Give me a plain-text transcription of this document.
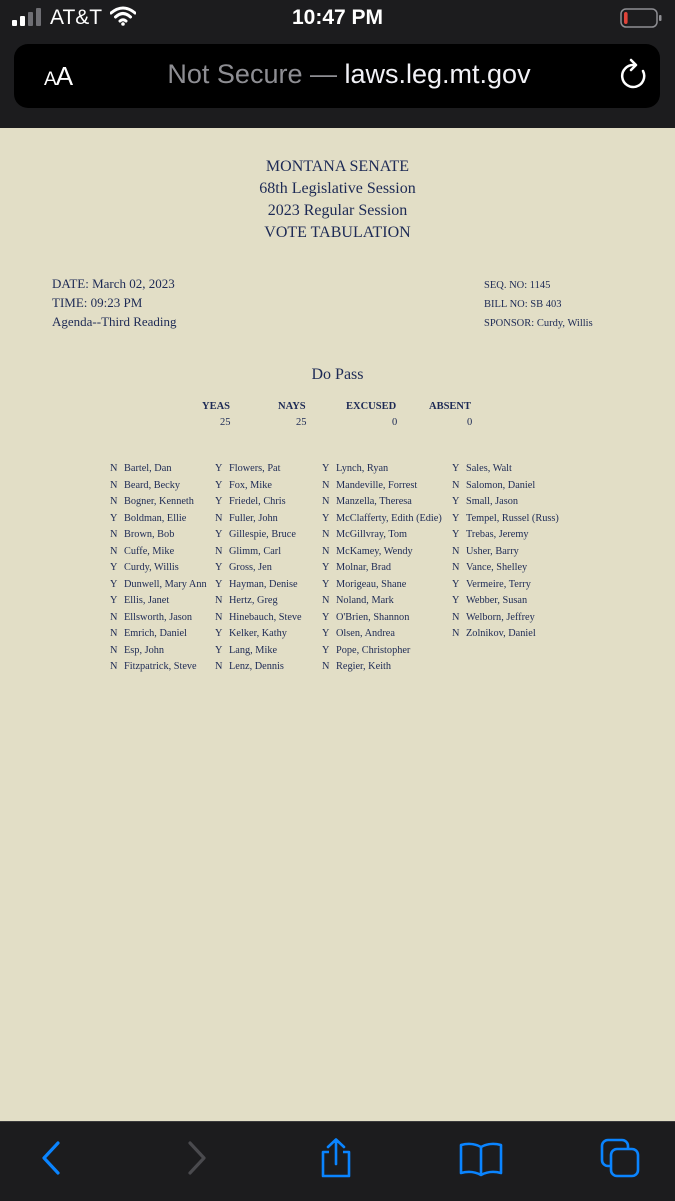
AT&T	10:47 PM
AA	Not Secure — laws.leg.mt.gov
MONTANA SENATE
68th Legislative Session
2023 Regular Session
VOTE TABULATION
DATE: March 02, 2023
TIME: 09:23 PM
Agenda--Third Reading
SEQ. NO: 1145
BILL NO: SB 403
SPONSOR: Curdy, Willis
Do Pass
YEAS	NAYS	EXCUSED	ABSENT
25	25	0	0
N Bartel, Dan
N Beard, Becky
N Bogner, Kenneth
Y Boldman, Ellie
N Brown, Bob
N Cuffe, Mike
Y Curdy, Willis
Y Dunwell, Mary Ann
Y Ellis, Janet
N Ellsworth, Jason
N Emrich, Daniel
N Esp, John
N Fitzpatrick, Steve
Y Flowers, Pat
Y Fox, Mike
Y Friedel, Chris
N Fuller, John
Y Gillespie, Bruce
N Glimm, Carl
Y Gross, Jen
Y Hayman, Denise
N Hertz, Greg
N Hinebauch, Steve
Y Kelker, Kathy
Y Lang, Mike
N Lenz, Dennis
Y Lynch, Ryan
N Mandeville, Forrest
N Manzella, Theresa
Y McClafferty, Edith (Edie)
N McGillvray, Tom
N McKamey, Wendy
Y Molnar, Brad
Y Morigeau, Shane
N Noland, Mark
Y O'Brien, Shannon
Y Olsen, Andrea
Y Pope, Christopher
N Regier, Keith
Y Sales, Walt
N Salomon, Daniel
Y Small, Jason
Y Tempel, Russel (Russ)
Y Trebas, Jeremy
N Usher, Barry
N Vance, Shelley
Y Vermeire, Terry
Y Webber, Susan
N Welborn, Jeffrey
N Zolnikov, Daniel
